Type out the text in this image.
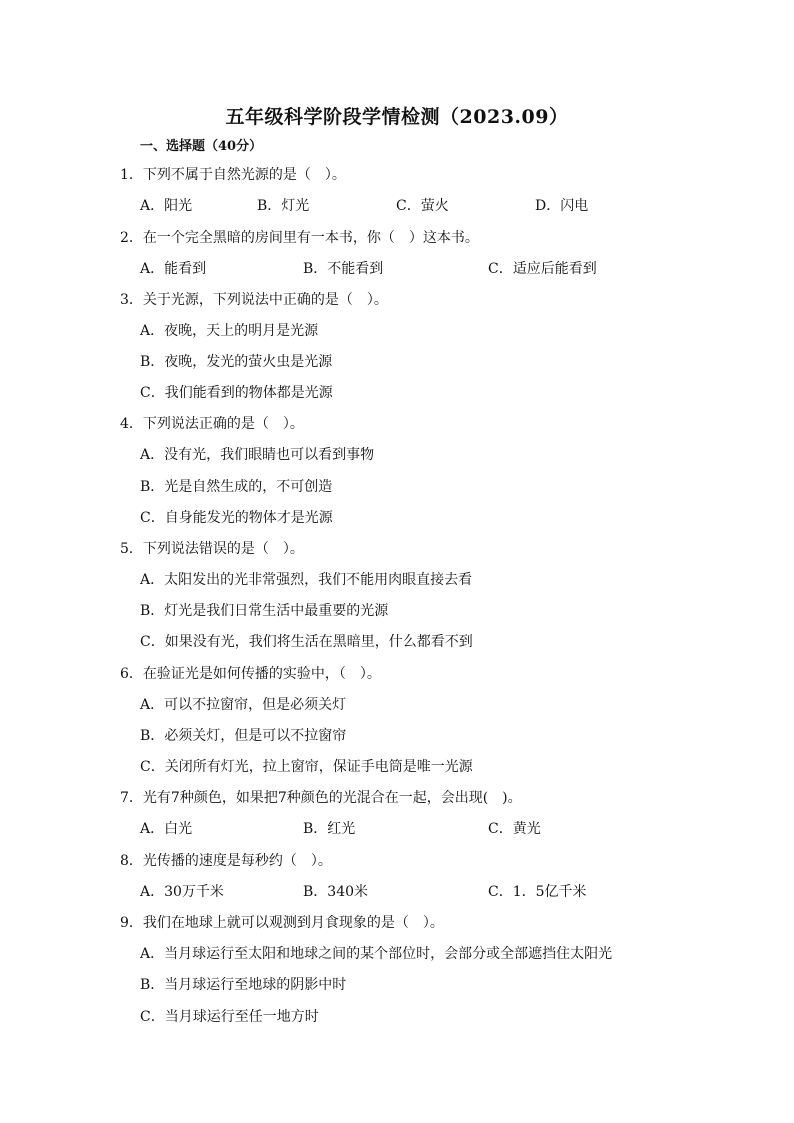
五年级科学阶段学情检测（2023.09）
一、选择题（40分）
1．下列不属于自然光源的是（　）。
A．阳光	B．灯光	C．萤火	D．闪电
2．在一个完全黑暗的房间里有一本书，你（　）这本书。
A．能看到	B．不能看到	C．适应后能看到
3．关于光源，下列说法中正确的是（　）。
A．夜晚，天上的明月是光源
B．夜晚，发光的萤火虫是光源
C．我们能看到的物体都是光源
4．下列说法正确的是（　）。
A．没有光，我们眼睛也可以看到事物
B．光是自然生成的，不可创造
C．自身能发光的物体才是光源
5．下列说法错误的是（　）。
A．太阳发出的光非常强烈，我们不能用肉眼直接去看
B．灯光是我们日常生活中最重要的光源
C．如果没有光，我们将生活在黑暗里，什么都看不到
6．在验证光是如何传播的实验中，（　）。
A．可以不拉窗帘，但是必须关灯
B．必须关灯，但是可以不拉窗帘
C．关闭所有灯光，拉上窗帘，保证手电筒是唯一光源
7．光有7种颜色，如果把7种颜色的光混合在一起，会出现(　)。
A．白光	B．红光	C．黄光
8．光传播的速度是每秒约（　）。
A．30万千米	B．340米	C．1．5亿千米
9．我们在地球上就可以观测到月食现象的是（　）。
A．当月球运行至太阳和地球之间的某个部位时，会部分或全部遮挡住太阳光
B．当月球运行至地球的阴影中时
C．当月球运行至任一地方时
